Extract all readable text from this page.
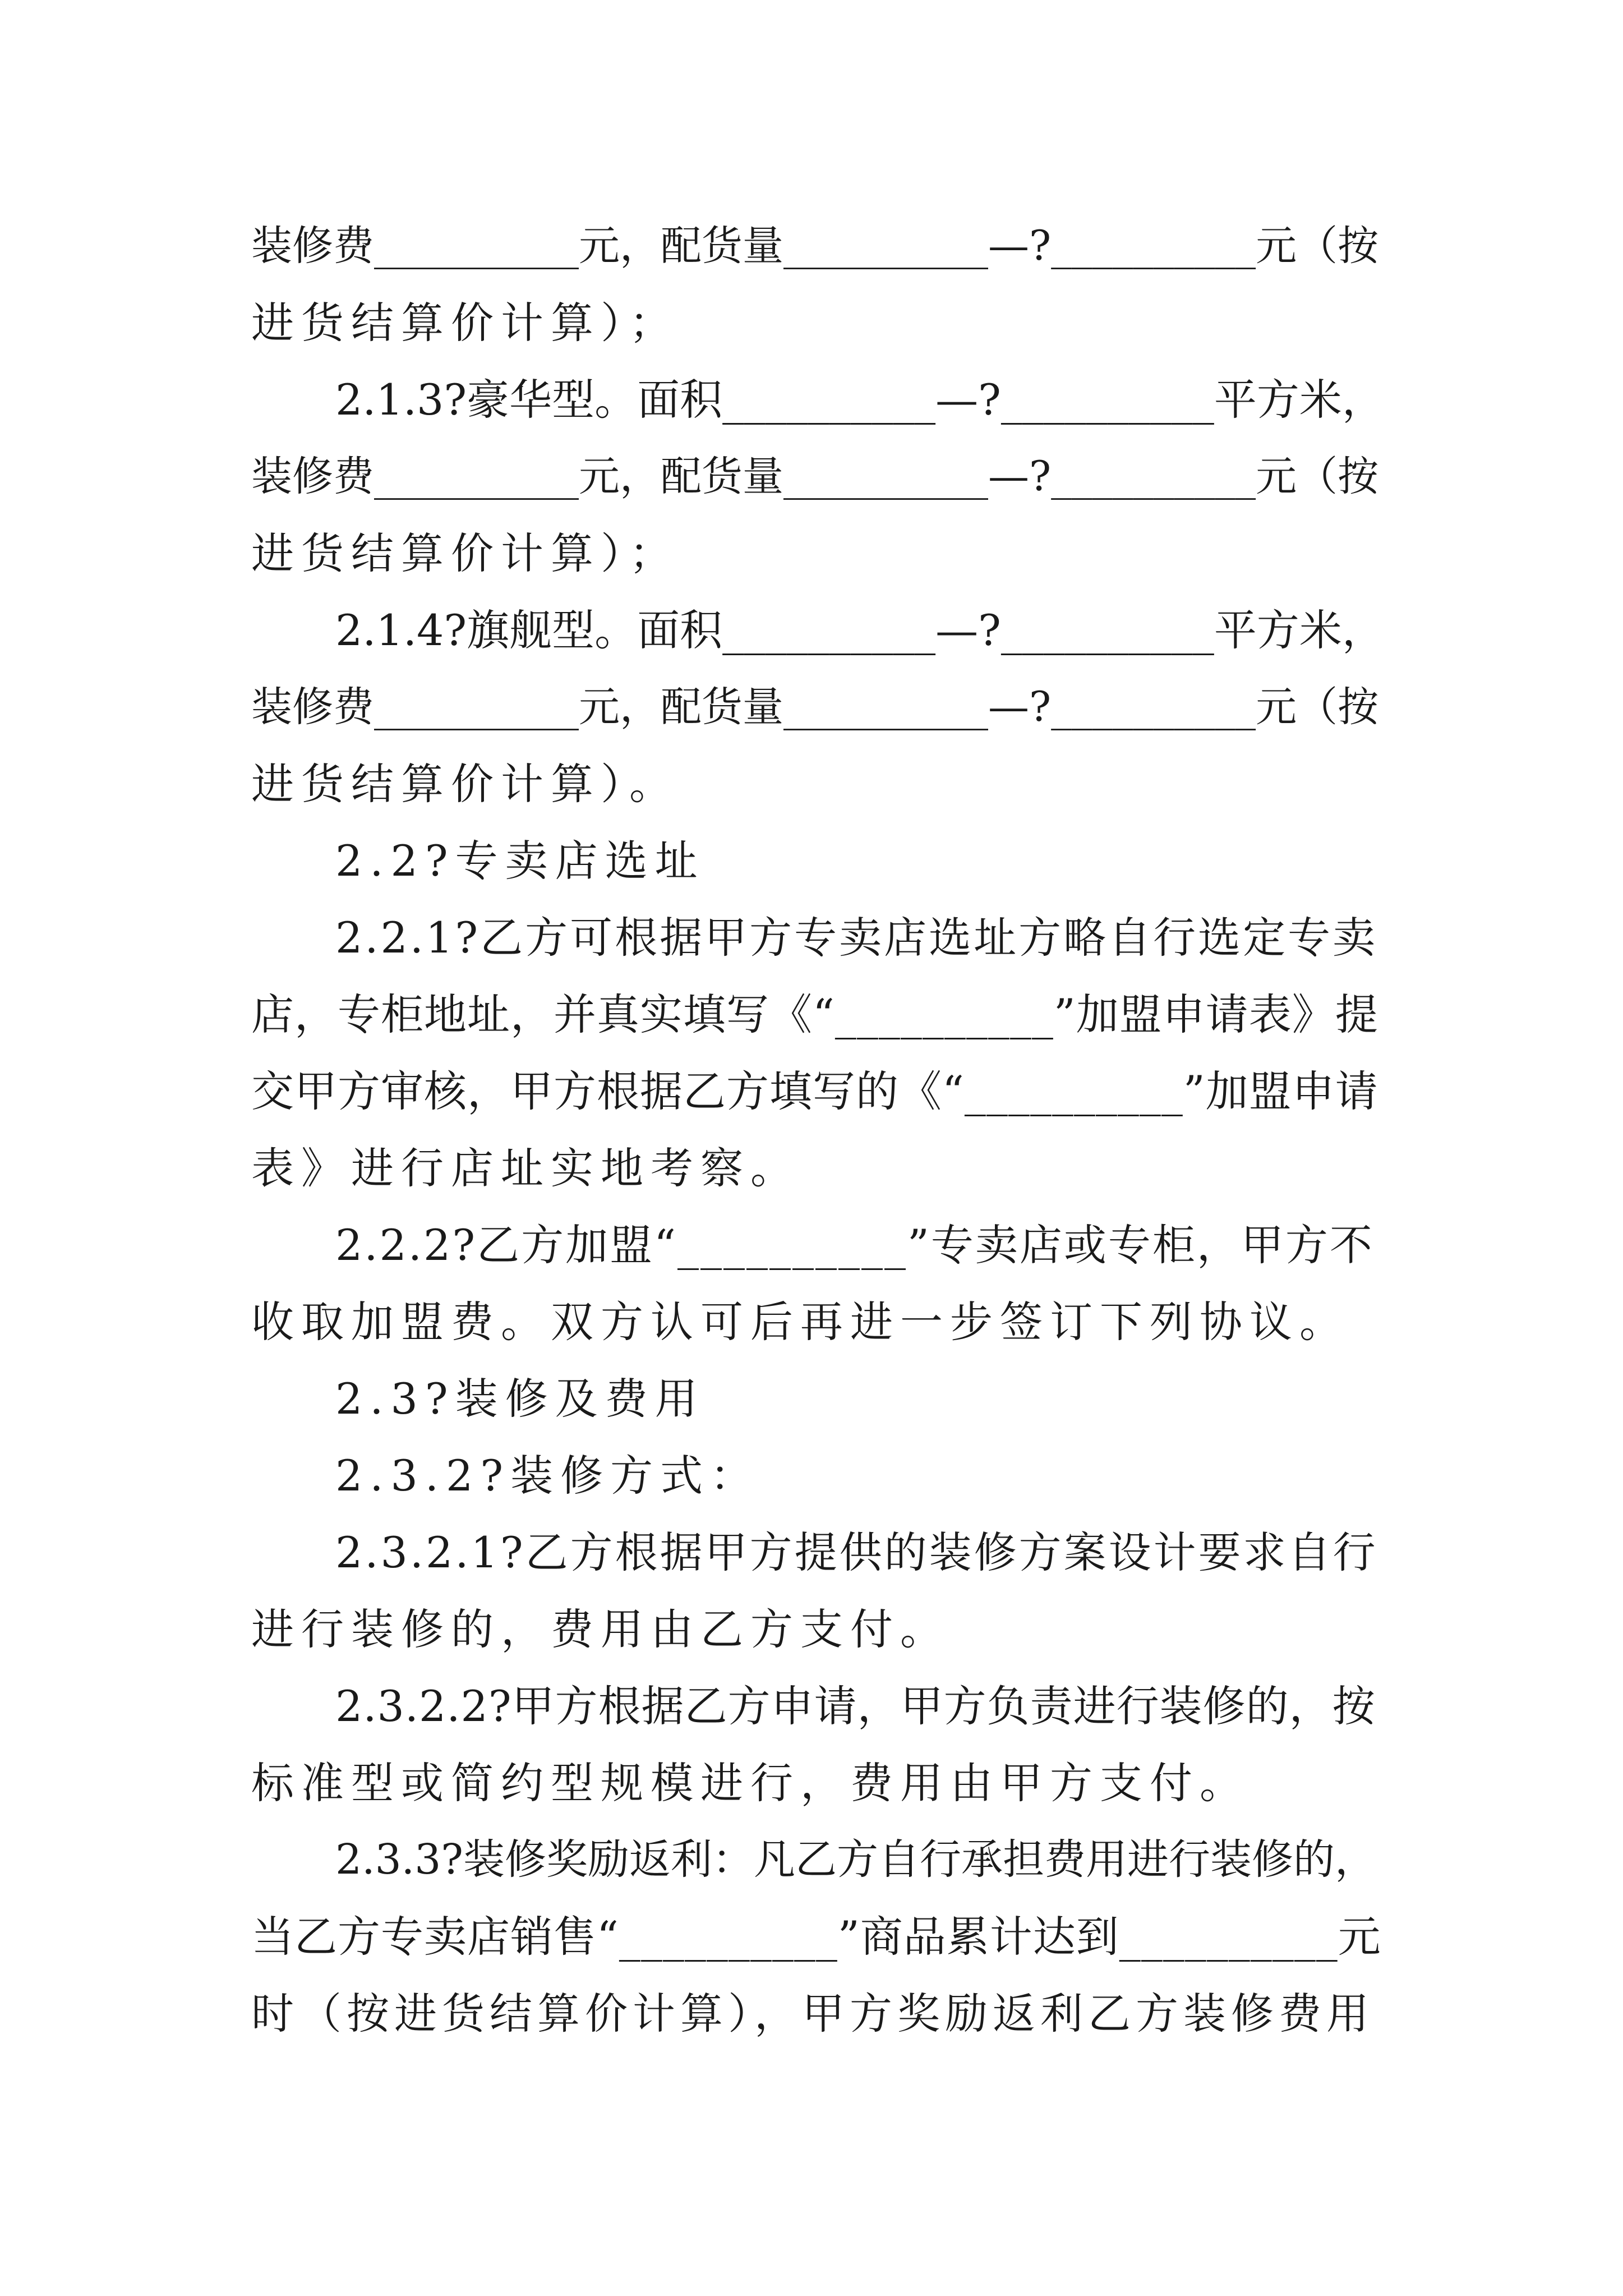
装修费__________元，配货量__________—?__________元（按
进货结算价计算）；
2.1.3?豪华型。面积__________—?__________平方米，
装修费__________元，配货量__________—?__________元（按
进货结算价计算）；
2.1.4?旗舰型。面积__________—?__________平方米，
装修费__________元，配货量__________—?__________元（按
进货结算价计算）。
2.2?专卖店选址
2.2.1?乙方可根据甲方专卖店选址方略自行选定专卖
店，专柜地址，并真实填写《“__________”加盟申请表》提
交甲方审核，甲方根据乙方填写的《“__________”加盟申请
表》进行店址实地考察。
2.2.2?乙方加盟“__________”专卖店或专柜，甲方不
收取加盟费。双方认可后再进一步签订下列协议。
2.3?装修及费用
2.3.2?装修方式：
2.3.2.1?乙方根据甲方提供的装修方案设计要求自行
进行装修的，费用由乙方支付。
2.3.2.2?甲方根据乙方申请，甲方负责进行装修的，按
标准型或简约型规模进行，费用由甲方支付。
2.3.3?装修奖励返利：凡乙方自行承担费用进行装修的，
当乙方专卖店销售“__________”商品累计达到__________元
时（按进货结算价计算），甲方奖励返利乙方装修费用
